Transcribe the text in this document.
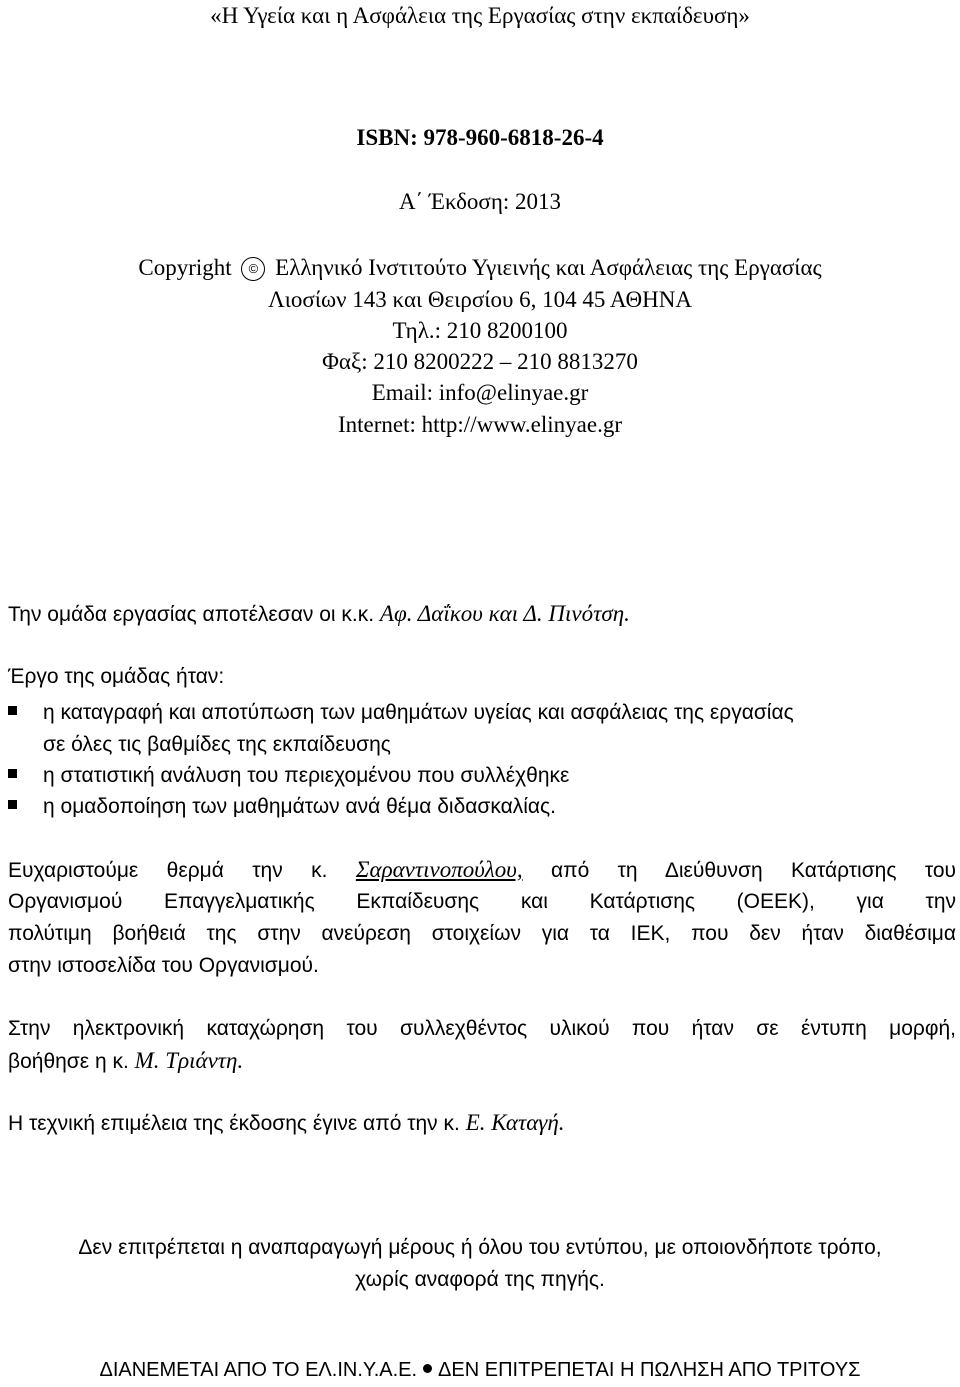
«Η Υγεία και η Ασφάλεια της Εργασίας στην εκπαίδευση»
ISBN: 978-960-6818-26-4
Α΄ Έκδοση: 2013
Copyright © Ελληνικό Ινστιτούτο Υγιεινής και Ασφάλειας της Εργασίας
Λιοσίων 143 και Θειρσίου 6, 104 45 ΑΘΗΝΑ
Τηλ.: 210 8200100
Φαξ: 210 8200222 – 210 8813270
Email: info@elinyae.gr
Internet: http://www.elinyae.gr
Την ομάδα εργασίας αποτέλεσαν οι κ.κ. Αφ. Δαΐκου και Δ. Πινότση.
Έργο της ομάδας ήταν:
η καταγραφή και αποτύπωση των μαθημάτων υγείας και ασφάλειας της εργασίας
σε όλες τις βαθμίδες της εκπαίδευσης
η στατιστική ανάλυση του περιεχομένου που συλλέχθηκε
η ομαδοποίηση των μαθημάτων ανά θέμα διδασκαλίας.
Ευχαριστούμε θερμά την κ. Σαραντινοπούλου, από τη Διεύθυνση Κατάρτισης του
Οργανισμού Επαγγελματικής Εκπαίδευσης και Κατάρτισης (ΟΕΕΚ), για την
πολύτιμη βοήθειά της στην ανεύρεση στοιχείων για τα ΙΕΚ, που δεν ήταν διαθέσιμα
στην ιστοσελίδα του Οργανισμού.
Στην ηλεκτρονική καταχώρηση του συλλεχθέντος υλικού που ήταν σε έντυπη μορφή,
βοήθησε η κ. Μ. Τριάντη.
Η τεχνική επιμέλεια της έκδοσης έγινε από την κ. Ε. Καταγή.
Δεν επιτρέπεται η αναπαραγωγή μέρους ή όλου του εντύπου, με οποιονδήποτε τρόπο,
χωρίς αναφορά της πηγής.
ΔΙΑΝΕΜΕΤΑΙ ΑΠΟ ΤΟ ΕΛ.ΙΝ.Υ.Α.Ε. ΔΕΝ ΕΠΙΤΡΕΠΕΤΑΙ Η ΠΩΛΗΣΗ ΑΠΟ ΤΡΙΤΟΥΣ
